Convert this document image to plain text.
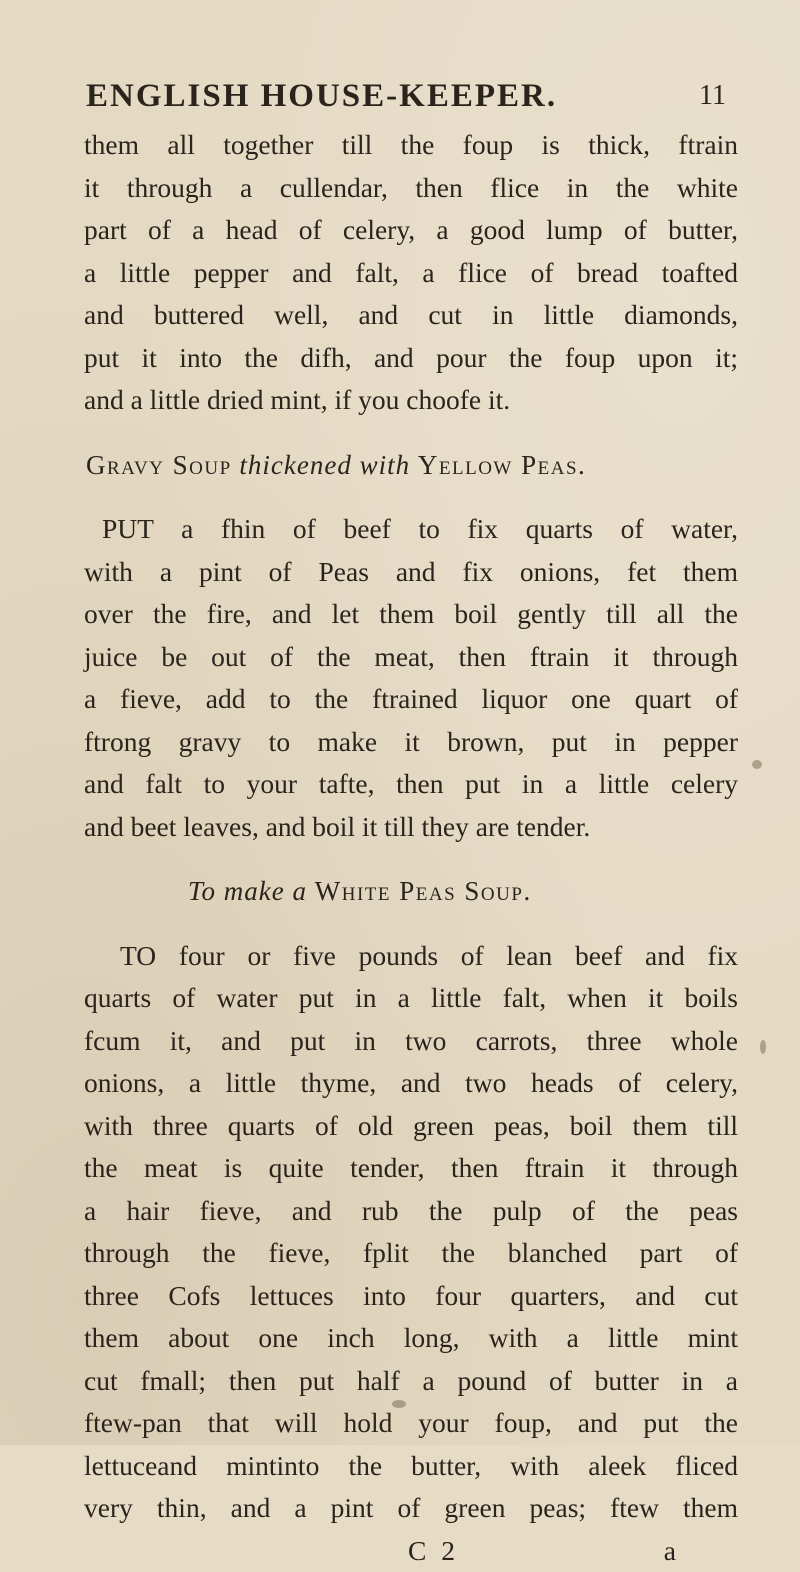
ENGLISH HOUSE-KEEPER.	11
them all together till the foup is thick, ftrain
it through a cullendar, then flice in the white
part of a head of celery, a good lump of butter,
a little pepper and falt, a flice of bread toafted
and buttered well, and cut in little diamonds,
put it into the difh, and pour the foup upon it;
and a little dried mint, if you choofe it.
Gravy Soup thickened with Yellow Peas.
PUT a fhin of beef to fix quarts of water,
with a pint of Peas and fix onions, fet them
over the fire, and let them boil gently till all the
juice be out of the meat, then ftrain it through
a fieve, add to the ftrained liquor one quart of
ftrong gravy to make it brown, put in pepper
and falt to your tafte, then put in a little celery
and beet leaves, and boil it till they are tender.
To make a White Peas Soup.
TO four or five pounds of lean beef and fix
quarts of water put in a little falt, when it boils
fcum it, and put in two carrots, three whole
onions, a little thyme, and two heads of celery,
with three quarts of old green peas, boil them till
the meat is quite tender, then ftrain it through
a hair fieve, and rub the pulp of the peas
through the fieve, fplit the blanched part of
three Cofs lettuces into four quarters, and cut
them about one inch long, with a little mint
cut fmall; then put half a pound of butter in a
ftew-pan that will hold your foup, and put the
lettuceand mintinto the butter, with aleek fliced
very thin, and a pint of green peas; ftew them
C 2	a
